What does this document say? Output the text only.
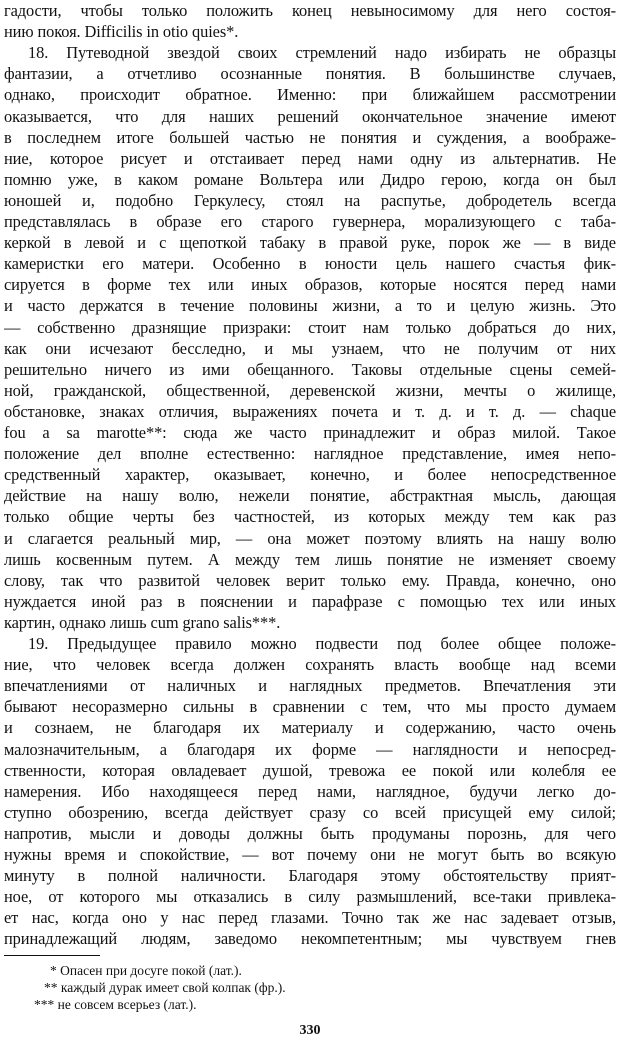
гадости, чтобы только положить конец невыносимому для него состоя-
нию покоя. Difficilis in otio quies*.
18. Путеводной звездой своих стремлений надо избирать не образцы
фантазии, а отчетливо осознанные понятия. В большинстве случаев,
однако, происходит обратное. Именно: при ближайшем рассмотрении
оказывается, что для наших решений окончательное значение имеют
в последнем итоге большей частью не понятия и суждения, а воображе-
ние, которое рисует и отстаивает перед нами одну из альтернатив. Не
помню уже, в каком романе Вольтера или Дидро герою, когда он был
юношей и, подобно Геркулесу, стоял на распутье, добродетель всегда
представлялась в образе его старого гувернера, морализующего с таба-
керкой в левой и с щепоткой табаку в правой руке, порок же — в виде
камеристки его матери. Особенно в юности цель нашего счастья фик-
сируется в форме тех или иных образов, которые носятся перед нами
и часто держатся в течение половины жизни, а то и целую жизнь. Это
— собственно дразнящие призраки: стоит нам только добраться до них,
как они исчезают бесследно, и мы узнаем, что не получим от них
решительно ничего из ими обещанного. Таковы отдельные сцены семей-
ной, гражданской, общественной, деревенской жизни, мечты о жилище,
обстановке, знаках отличия, выражениях почета и т. д. и т. д. — chaque
fou a sa marotte**: сюда же часто принадлежит и образ милой. Такое
положение дел вполне естественно: наглядное представление, имея непо-
средственный характер, оказывает, конечно, и более непосредственное
действие на нашу волю, нежели понятие, абстрактная мысль, дающая
только общие черты без частностей, из которых между тем как раз
и слагается реальный мир, — она может поэтому влиять на нашу волю
лишь косвенным путем. А между тем лишь понятие не изменяет своему
слову, так что развитой человек верит только ему. Правда, конечно, оно
нуждается иной раз в пояснении и парафразе с помощью тех или иных
картин, однако лишь cum grano salis***.
19. Предыдущее правило можно подвести под более общее положе-
ние, что человек всегда должен сохранять власть вообще над всеми
впечатлениями от наличных и наглядных предметов. Впечатления эти
бывают несоразмерно сильны в сравнении с тем, что мы просто думаем
и сознаем, не благодаря их материалу и содержанию, часто очень
малозначительным, а благодаря их форме — наглядности и непосред-
ственности, которая овладевает душой, тревожа ее покой или колебля ее
намерения. Ибо находящееся перед нами, наглядное, будучи легко до-
ступно обозрению, всегда действует сразу со всей присущей ему силой;
напротив, мысли и доводы должны быть продуманы порознь, для чего
нужны время и спокойствие, — вот почему они не могут быть во всякую
минуту в полной наличности. Благодаря этому обстоятельству прият-
ное, от которого мы отказались в силу размышлений, все-таки привлека-
* Опасен при досуге покой (лат.).
** каждый дурак имеет свой колпак (фр.).
*** не совсем всерьез (лат.).
330
ет нас, когда оно у нас перед глазами. Точно так же нас задевает отзыв,
принадлежащий людям, заведомо некомпетентным; мы чувствуем гнев
